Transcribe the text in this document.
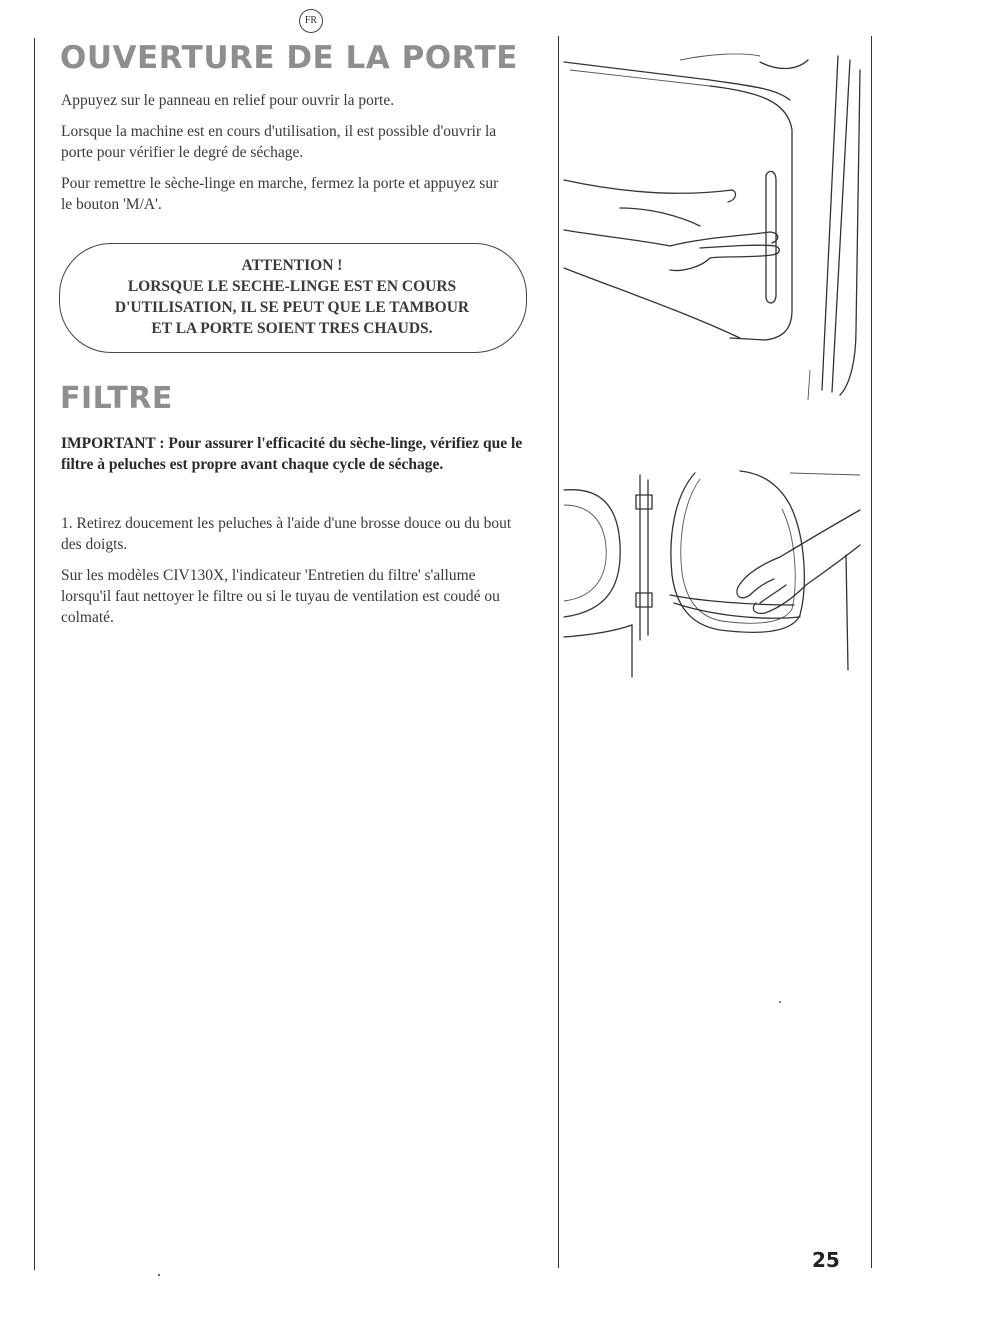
FR
OUVERTURE DE LA PORTE

Appuyez sur le panneau en relief pour ouvrir la porte.

Lorsque la machine est en cours d'utilisation, il est possible d'ouvrir la porte pour vérifier le degré de séchage.

Pour remettre le sèche-linge en marche, fermez la porte et appuyez sur le bouton 'M/A'.

ATTENTION !
LORSQUE LE SECHE-LINGE EST EN COURS
D'UTILISATION, IL SE PEUT QUE LE TAMBOUR
ET LA PORTE SOIENT TRES CHAUDS.
FILTRE
IMPORTANT : Pour assurer l'efficacité du sèche-linge, vérifiez que le filtre à peluches est propre avant chaque cycle de séchage.

1. Retirez doucement les peluches à l'aide d'une brosse douce ou du bout des doigts.

Sur les modèles CIV130X, l'indicateur 'Entretien du filtre' s'allume lorsqu'il faut nettoyer le filtre ou si le tuyau de ventilation est coudé ou colmaté.

25
